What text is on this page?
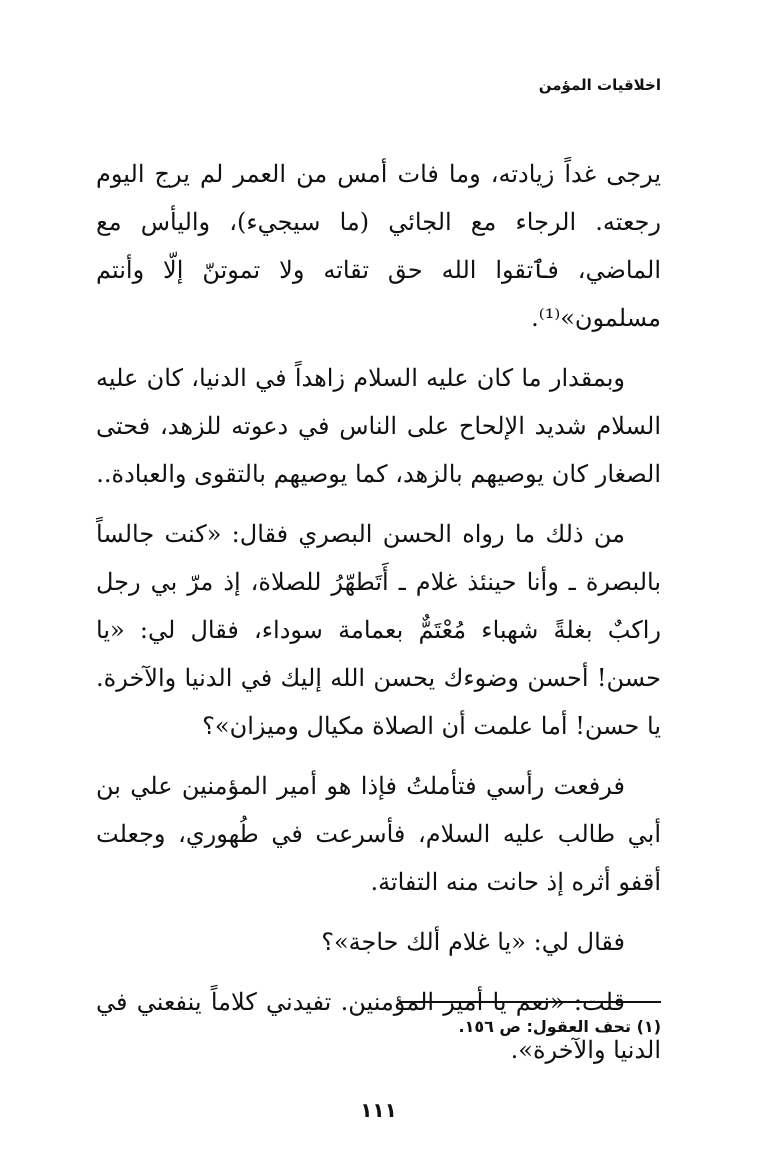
اخلاقيات المؤمن

يرجى غداً زيادته، وما فات أمس من العمر لم يرج اليوم رجعته. الرجاء مع الجائي (ما سيجيء)، واليأس مع الماضي، فٱتقوا الله حق تقاته ولا تموتنّ إلّا وأنتم مسلمون»⁽¹⁾.

وبمقدار ما كان عليه السلام زاهداً في الدنيا، كان عليه السلام شديد الإلحاح على الناس في دعوته للزهد، فحتى الصغار كان يوصيهم بالزهد، كما يوصيهم بالتقوى والعبادة..

من ذلك ما رواه الحسن البصري فقال: «كنت جالساً بالبصرة ـ وأنا حينئذ غلام ـ أَتَطهّرُ للصلاة، إذ مرّ بي رجل راكبٌ بغلةً شهباء مُعْتَمٌّ بعمامة سوداء، فقال لي: «يا حسن! أحسن وضوءك يحسن الله إليك في الدنيا والآخرة. يا حسن! أما علمت أن الصلاة مكيال وميزان»؟

فرفعت رأسي فتأملتُ فإذا هو أمير المؤمنين علي بن أبي طالب عليه السلام، فأسرعت في طُهوري، وجعلت أقفو أثره إذ حانت منه التفاتة.

فقال لي: «يا غلام ألك حاجة»؟

قلت: «نعم يا أمير المؤمنين. تفيدني كلاماً ينفعني في الدنيا والآخرة».

(١) تحف العقول: ص ١٥٦.
١١١
